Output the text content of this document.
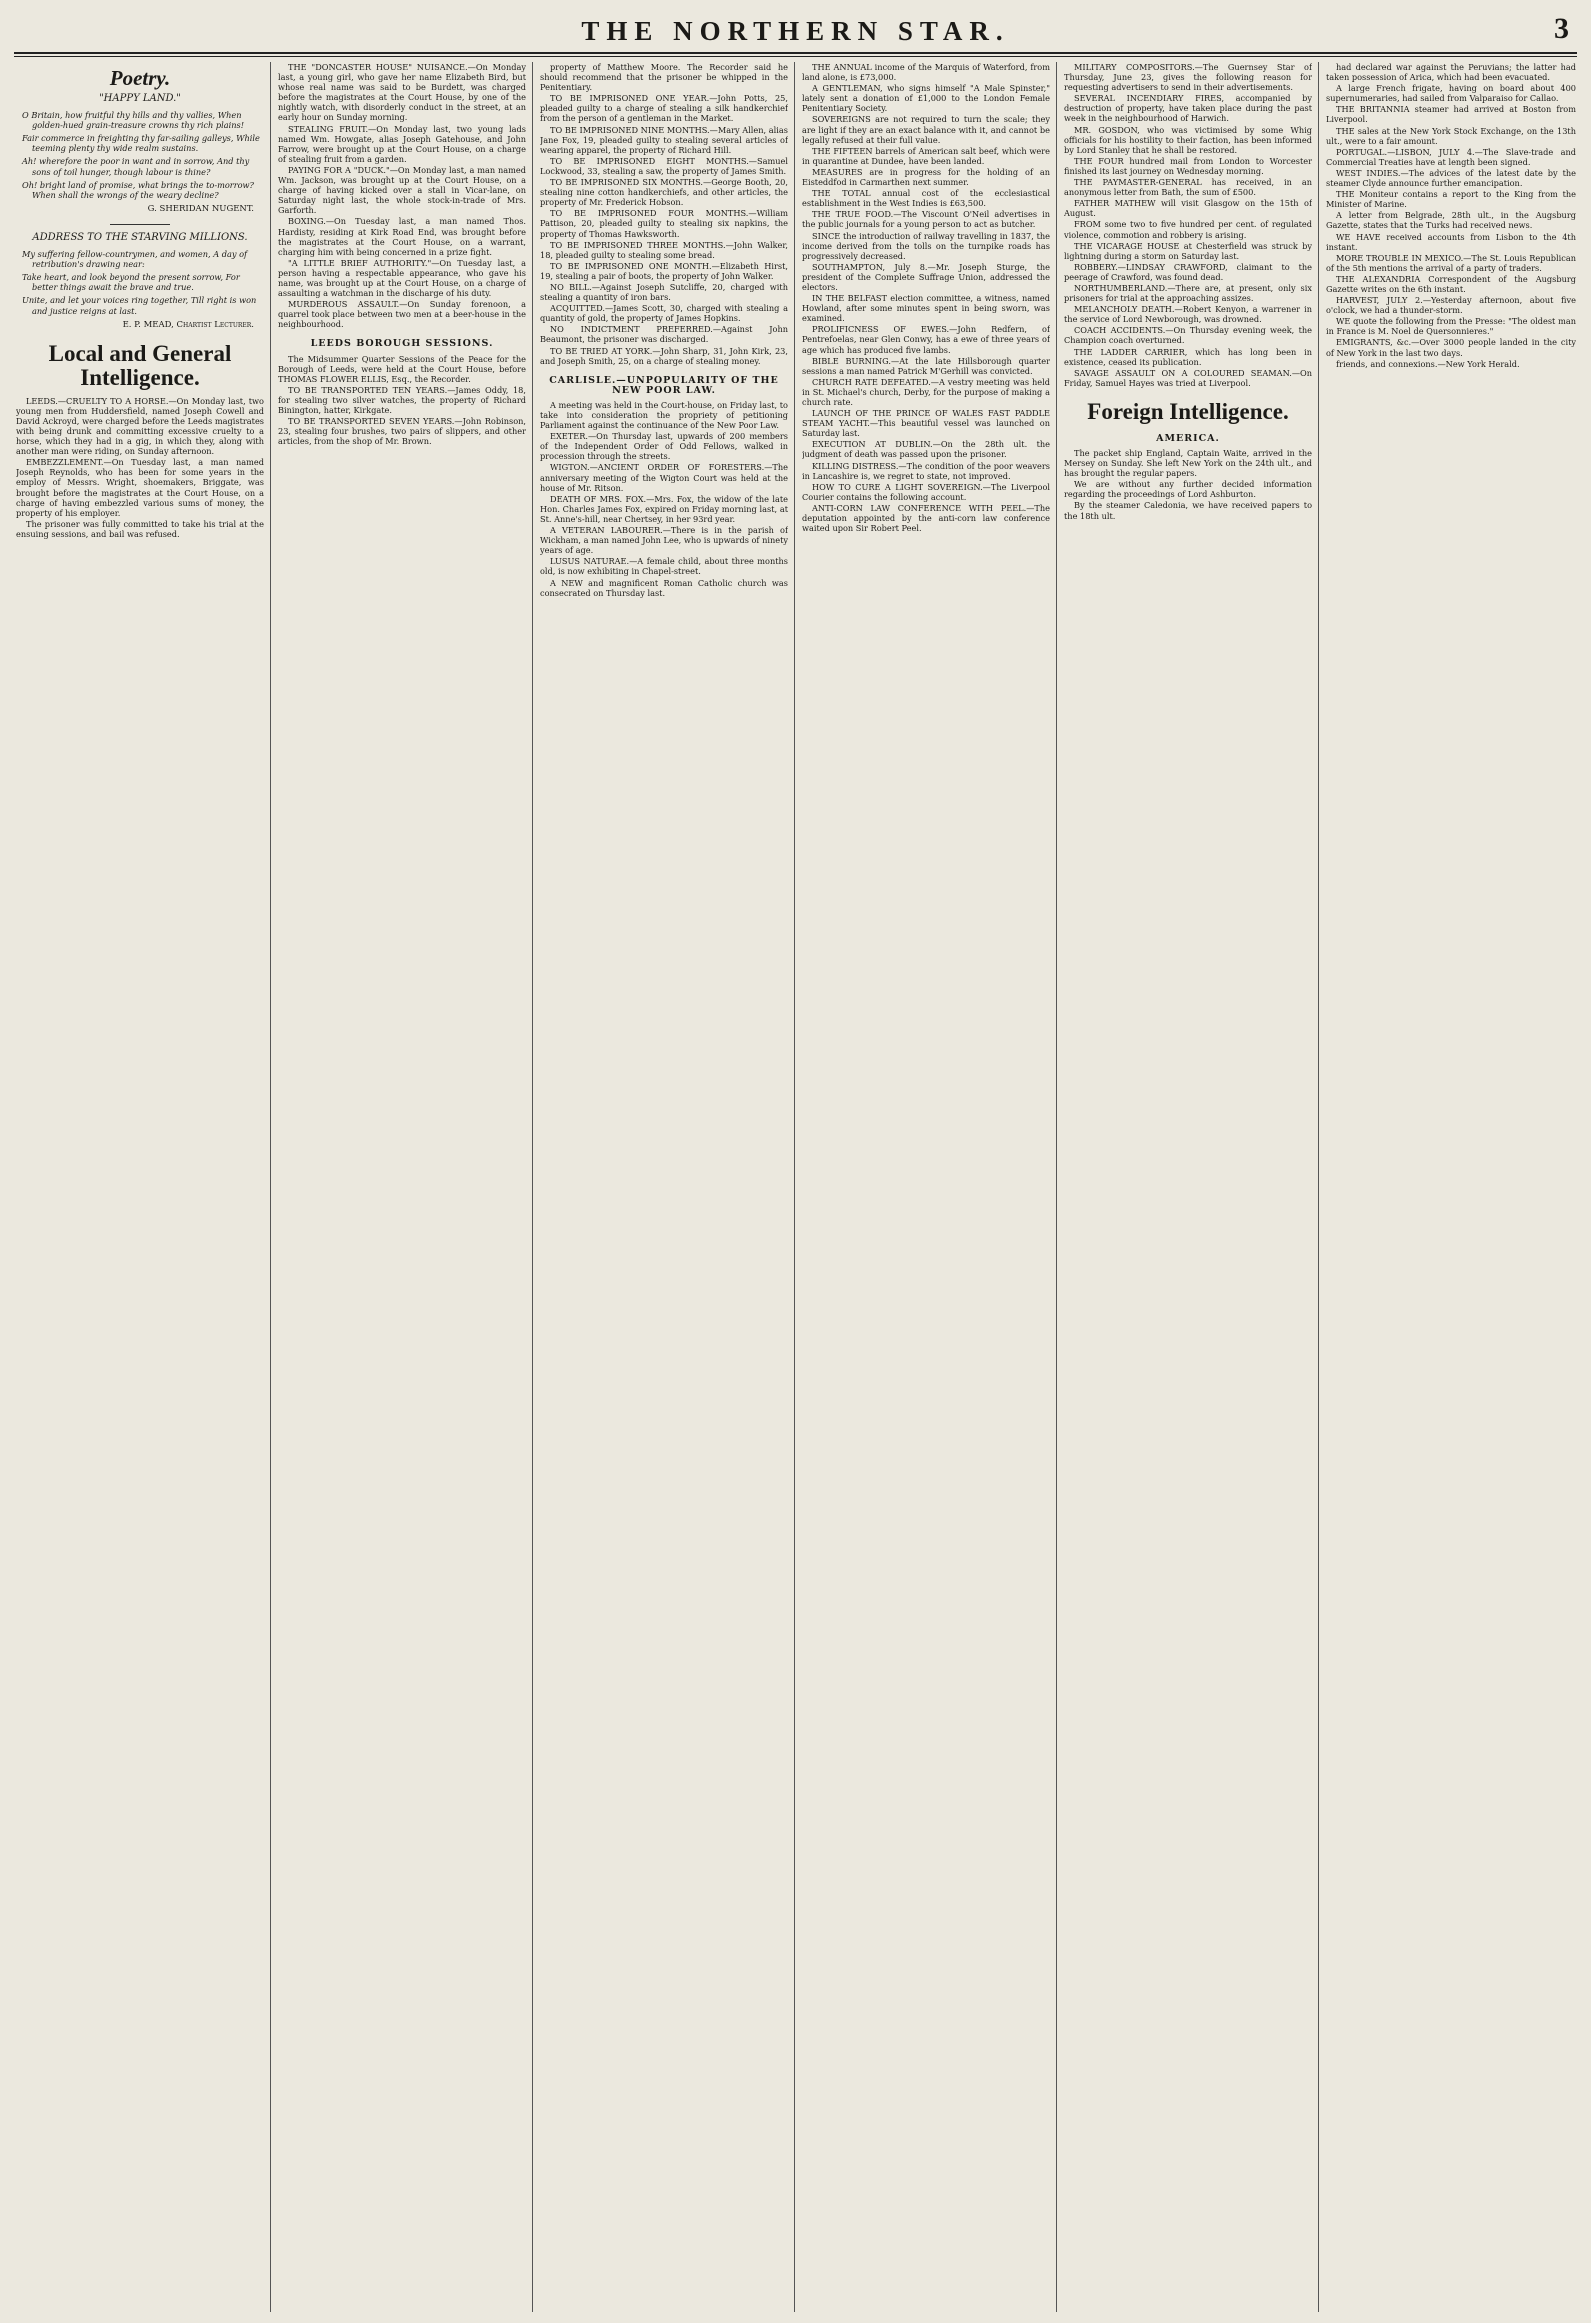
THE NORTHERN STAR.	3
Poetry.
"HAPPY LAND."

O Britain, how fruitful thy hills and thy vallies, When golden-hued grain-treasure crowns thy rich plains!

Fair commerce in freighting thy far-sailing galleys, While teeming plenty thy wide realm sustains.

Ah! wherefore the poor in want and in sorrow, And thy sons of toil hunger, though labour is thine?

Oh! bright land of promise, what brings the to-morrow? When shall the wrongs of the weary decline?

G. SHERIDAN NUGENT.
ADDRESS TO THE STARVING MILLIONS.

My suffering fellow-countrymen, and women, A day of retribution's drawing near:

Take heart, and look beyond the present sorrow, For better things await the brave and true.

Unite, and let your voices ring together, Till right is won and justice reigns at last.

E. P. MEAD, Chartist Lecturer.
Local and General Intelligence.

LEEDS.—CRUELTY TO A HORSE.—On Monday last, two young men from Huddersfield, named Joseph Cowell and David Ackroyd, were charged before the Leeds magistrates with being drunk and committing excessive cruelty to a horse, which they had in a gig, in which they, along with another man were riding, on Sunday afternoon.

EMBEZZLEMENT.—On Tuesday last, a man named Joseph Reynolds, who has been for some years in the employ of Messrs. Wright, shoemakers, Briggate, was brought before the magistrates at the Court House, on a charge of having embezzled various sums of money, the property of his employer.

The prisoner was fully committed to take his trial at the ensuing sessions, and bail was refused.

THE "DONCASTER HOUSE" NUISANCE.—On Monday last, a young girl, who gave her name Elizabeth Bird, but whose real name was said to be Burdett, was charged before the magistrates at the Court House, by one of the nightly watch, with disorderly conduct in the street, at an early hour on Sunday morning.

STEALING FRUIT.—On Monday last, two young lads named Wm. Howgate, alias Joseph Gatehouse, and John Farrow, were brought up at the Court House, on a charge of stealing fruit from a garden.

PAYING FOR A "DUCK."—On Monday last, a man named Wm. Jackson, was brought up at the Court House, on a charge of having kicked over a stall in Vicar-lane, on Saturday night last, the whole stock-in-trade of Mrs. Garforth.

BOXING.—On Tuesday last, a man named Thos. Hardisty, residing at Kirk Road End, was brought before the magistrates at the Court House, on a warrant, charging him with being concerned in a prize fight.

"A LITTLE BRIEF AUTHORITY."—On Tuesday last, a person having a respectable appearance, who gave his name, was brought up at the Court House, on a charge of assaulting a watchman in the discharge of his duty.

MURDEROUS ASSAULT.—On Sunday forenoon, a quarrel took place between two men at a beer-house in the neighbourhood.

LEEDS BOROUGH SESSIONS.

The Midsummer Quarter Sessions of the Peace for the Borough of Leeds, were held at the Court House, before THOMAS FLOWER ELLIS, Esq., the Recorder.

TO BE TRANSPORTED TEN YEARS.—James Oddy, 18, for stealing two silver watches, the property of Richard Binington, hatter, Kirkgate.

TO BE TRANSPORTED SEVEN YEARS.—John Robinson, 23, stealing four brushes, two pairs of slippers, and other articles, from the shop of Mr. Brown.

property of Matthew Moore. The Recorder said he should recommend that the prisoner be whipped in the Penitentiary.

TO BE IMPRISONED ONE YEAR.—John Potts, 25, pleaded guilty to a charge of stealing a silk handkerchief from the person of a gentleman in the Market.

TO BE IMPRISONED NINE MONTHS.—Mary Allen, alias Jane Fox, 19, pleaded guilty to stealing several articles of wearing apparel, the property of Richard Hill.

TO BE IMPRISONED EIGHT MONTHS.—Samuel Lockwood, 33, stealing a saw, the property of James Smith.

TO BE IMPRISONED SIX MONTHS.—George Booth, 20, stealing nine cotton handkerchiefs, and other articles, the property of Mr. Frederick Hobson.

TO BE IMPRISONED FOUR MONTHS.—William Pattison, 20, pleaded guilty to stealing six napkins, the property of Thomas Hawksworth.

TO BE IMPRISONED THREE MONTHS.—John Walker, 18, pleaded guilty to stealing some bread.

TO BE IMPRISONED ONE MONTH.—Elizabeth Hirst, 19, stealing a pair of boots, the property of John Walker.

NO BILL.—Against Joseph Sutcliffe, 20, charged with stealing a quantity of iron bars.

ACQUITTED.—James Scott, 30, charged with stealing a quantity of gold, the property of James Hopkins.

NO INDICTMENT PREFERRED.—Against John Beaumont, the prisoner was discharged.

TO BE TRIED AT YORK.—John Sharp, 31, John Kirk, 23, and Joseph Smith, 25, on a charge of stealing money.

CARLISLE.—UNPOPULARITY OF THE NEW POOR LAW.

A meeting was held in the Court-house, on Friday last, to take into consideration the propriety of petitioning Parliament against the continuance of the New Poor Law.

EXETER.—On Thursday last, upwards of 200 members of the Independent Order of Odd Fellows, walked in procession through the streets.

WIGTON.—ANCIENT ORDER OF FORESTERS.—The anniversary meeting of the Wigton Court was held at the house of Mr. Ritson.

DEATH OF MRS. FOX.—Mrs. Fox, the widow of the late Hon. Charles James Fox, expired on Friday morning last, at St. Anne's-hill, near Chertsey, in her 93rd year.

A VETERAN LABOURER.—There is in the parish of Wickham, a man named John Lee, who is upwards of ninety years of age.

LUSUS NATURAE.—A female child, about three months old, is now exhibiting in Chapel-street.

A NEW and magnificent Roman Catholic church was consecrated on Thursday last.

THE ANNUAL income of the Marquis of Waterford, from land alone, is £73,000.

A GENTLEMAN, who signs himself "A Male Spinster," lately sent a donation of £1,000 to the London Female Penitentiary Society.

SOVEREIGNS are not required to turn the scale; they are light if they are an exact balance with it, and cannot be legally refused at their full value.

THE FIFTEEN barrels of American salt beef, which were in quarantine at Dundee, have been landed.

MEASURES are in progress for the holding of an Eisteddfod in Carmarthen next summer.

THE TOTAL annual cost of the ecclesiastical establishment in the West Indies is £63,500.

THE TRUE FOOD.—The Viscount O'Neil advertises in the public journals for a young person to act as butcher.

SINCE the introduction of railway travelling in 1837, the income derived from the tolls on the turnpike roads has progressively decreased.

SOUTHAMPTON, July 8.—Mr. Joseph Sturge, the president of the Complete Suffrage Union, addressed the electors.

IN THE BELFAST election committee, a witness, named Howland, after some minutes spent in being sworn, was examined.

PROLIFICNESS OF EWES.—John Redfern, of Pentrefoelas, near Glen Conwy, has a ewe of three years of age which has produced five lambs.

BIBLE BURNING.—At the late Hillsborough quarter sessions a man named Patrick M'Gerhill was convicted.

CHURCH RATE DEFEATED.—A vestry meeting was held in St. Michael's church, Derby, for the purpose of making a church rate.

LAUNCH OF THE PRINCE OF WALES FAST PADDLE STEAM YACHT.—This beautiful vessel was launched on Saturday last.

EXECUTION AT DUBLIN.—On the 28th ult. the judgment of death was passed upon the prisoner.

KILLING DISTRESS.—The condition of the poor weavers in Lancashire is, we regret to state, not improved.

HOW TO CURE A LIGHT SOVEREIGN.—The Liverpool Courier contains the following account.

ANTI-CORN LAW CONFERENCE WITH PEEL.—The deputation appointed by the anti-corn law conference waited upon Sir Robert Peel.

MILITARY COMPOSITORS.—The Guernsey Star of Thursday, June 23, gives the following reason for requesting advertisers to send in their advertisements.

SEVERAL INCENDIARY FIRES, accompanied by destruction of property, have taken place during the past week in the neighbourhood of Harwich.

MR. GOSDON, who was victimised by some Whig officials for his hostility to their faction, has been informed by Lord Stanley that he shall be restored.

THE FOUR hundred mail from London to Worcester finished its last journey on Wednesday morning.

THE PAYMASTER-GENERAL has received, in an anonymous letter from Bath, the sum of £500.

FATHER MATHEW will visit Glasgow on the 15th of August.

FROM some two to five hundred per cent. of regulated violence, commotion and robbery is arising.

THE VICARAGE HOUSE at Chesterfield was struck by lightning during a storm on Saturday last.

ROBBERY.—LINDSAY CRAWFORD, claimant to the peerage of Crawford, was found dead.

NORTHUMBERLAND.—There are, at present, only six prisoners for trial at the approaching assizes.

MELANCHOLY DEATH.—Robert Kenyon, a warrener in the service of Lord Newborough, was drowned.

COACH ACCIDENTS.—On Thursday evening week, the Champion coach overturned.

THE LADDER CARRIER, which has long been in existence, ceased its publication.

SAVAGE ASSAULT ON A COLOURED SEAMAN.—On Friday, Samuel Hayes was tried at Liverpool.

Foreign Intelligence.
AMERICA.

The packet ship England, Captain Waite, arrived in the Mersey on Sunday. She left New York on the 24th ult., and has brought the regular papers.

We are without any further decided information regarding the proceedings of Lord Ashburton.

By the steamer Caledonia, we have received papers to the 18th ult.

had declared war against the Peruvians; the latter had taken possession of Arica, which had been evacuated.

A large French frigate, having on board about 400 supernumeraries, had sailed from Valparaiso for Callao.

THE BRITANNIA steamer had arrived at Boston from Liverpool.

THE sales at the New York Stock Exchange, on the 13th ult., were to a fair amount.

PORTUGAL.—LISBON, JULY 4.—The Slave-trade and Commercial Treaties have at length been signed.

WEST INDIES.—The advices of the latest date by the steamer Clyde announce further emancipation.

THE Moniteur contains a report to the King from the Minister of Marine.

A letter from Belgrade, 28th ult., in the Augsburg Gazette, states that the Turks had received news.

WE HAVE received accounts from Lisbon to the 4th instant.

MORE TROUBLE IN MEXICO.—The St. Louis Republican of the 5th mentions the arrival of a party of traders.

THE ALEXANDRIA Correspondent of the Augsburg Gazette writes on the 6th instant.

HARVEST, JULY 2.—Yesterday afternoon, about five o'clock, we had a thunder-storm.

WE quote the following from the Presse: "The oldest man in France is M. Noel de Quersonnieres."

EMIGRANTS, &c.—Over 3000 people landed in the city of New York in the last two days.

friends, and connexions.—New York Herald.
